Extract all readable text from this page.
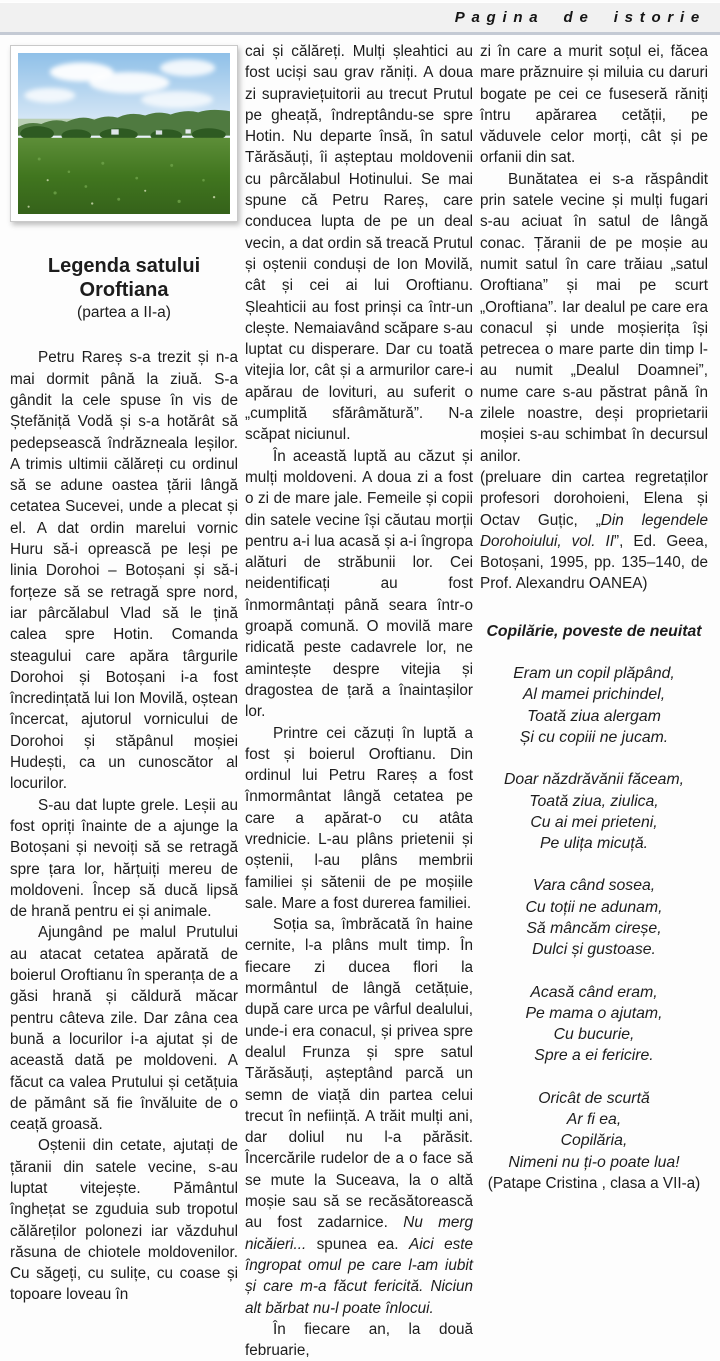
Pagina de istorie
Legenda satului Oroftiana
(partea a II-a)

Petru Rareș s-a trezit și n-a mai dormit până la ziuă. S-a gândit la cele spuse în vis de Ștefăniță Vodă și s-a hotărât să pedepsească îndrăzneala leșilor. A trimis ultimii călăreți cu ordinul să se adune oastea țării lângă cetatea Sucevei, unde a plecat și el. A dat ordin marelui vornic Huru să-i oprească pe leși pe linia Dorohoi – Botoșani și să-i forțeze să se retragă spre nord, iar pârcălabul Vlad să le țină calea spre Hotin. Comanda steagului care apăra târgurile Dorohoi și Botoșani i-a fost încredințată lui Ion Movilă, oștean încercat, ajutorul vornicului de Dorohoi și stăpânul moșiei Hudești, ca un cunoscător al locurilor.

S-au dat lupte grele. Leșii au fost opriți înainte de a ajunge la Botoșani și nevoiți să se retragă spre țara lor, hărțuiți mereu de moldoveni. Încep să ducă lipsă de hrană pentru ei și animale.

Ajungând pe malul Prutului au atacat cetatea apărată de boierul Oroftianu în speranța de a găsi hrană și căldură măcar pentru câteva zile. Dar zâna cea bună a locurilor i-a ajutat și de această dată pe moldoveni. A făcut ca valea Prutului și cetățuia de pământ să fie învăluite de o ceață groasă.

Oștenii din cetate, ajutați de țăranii din satele vecine, s-au luptat vitejește. Pământul înghețat se zguduia sub tropotul călăreților polonezi iar văzduhul răsuna de chiotele moldovenilor. Cu săgeți, cu sulițe, cu coase și topoare loveau în

cai și călăreți. Mulți șleahtici au fost uciși sau grav răniți. A doua zi supraviețuitorii au trecut Prutul pe gheață, îndreptându-se spre Hotin. Nu departe însă, în satul Tărăsăuți, îi așteptau moldovenii cu pârcălabul Hotinului. Se mai spune că Petru Rareș, care conducea lupta de pe un deal vecin, a dat ordin să treacă Prutul și oștenii conduși de Ion Movilă, cât și cei ai lui Oroftianu. Șleahticii au fost prinși ca într-un clește. Nemaiavând scăpare s-au luptat cu disperare. Dar cu toată vitejia lor, cât și a armurilor care-i apărau de lovituri, au suferit o „cumplită sfărâmătură”. N-a scăpat niciunul.

În această luptă au căzut și mulți moldoveni. A doua zi a fost o zi de mare jale. Femeile și copii din satele vecine își căutau morții pentru a-i lua acasă și a-i îngropa alături de străbunii lor. Cei neidentificați au fost înmormântați până seara într-o groapă comună. O movilă mare ridicată peste cadavrele lor, ne amintește despre vitejia și dragostea de țară a înaintașilor lor.

Printre cei căzuți în luptă a fost și boierul Oroftianu. Din ordinul lui Petru Rareș a fost înmormântat lângă cetatea pe care a apărat-o cu atâta vrednicie. L-au plâns prietenii și oștenii, l-au plâns membrii familiei și sătenii de pe moșiile sale. Mare a fost durerea familiei.

Soția sa, îmbrăcată în haine cernite, l-a plâns mult timp. În fiecare zi ducea flori la mormântul de lângă cetățuie, după care urca pe vârful dealului, unde-i era conacul, și privea spre dealul Frunza și spre satul Tărăsăuți, așteptând parcă un semn de viață din partea celui trecut în neființă. A trăit mulți ani, dar doliul nu l-a părăsit. Încercările rudelor de a o face să se mute la Suceava, la o altă moșie sau să se recăsătorească au fost zadarnice. Nu merg nicăieri... spunea ea. Aici este îngropat omul pe care l-am iubit și care m-a făcut fericită. Niciun alt bărbat nu-l poate înlocui.

În fiecare an, la două februarie,

zi în care a murit soțul ei, făcea mare prăznuire și miluia cu daruri bogate pe cei ce fuseseră răniți întru apărarea cetății, pe văduvele celor morți, cât și pe orfanii din sat.

Bunătatea ei s-a răspândit prin satele vecine și mulți fugari s-au aciuat în satul de lângă conac. Țăranii de pe moșie au numit satul în care trăiau „satul Oroftiana” și mai pe scurt „Oroftiana”. Iar dealul pe care era conacul și unde moșierița își petrecea o mare parte din timp l-au numit „Dealul Doamnei”, nume care s-au păstrat până în zilele noastre, deși proprietarii moșiei s-au schimbat în decursul anilor.

(preluare din cartea regretaților profesori dorohoieni, Elena și Octav Guțic, „Din legendele Dorohoiului, vol. II”, Ed. Geea, Botoșani, 1995, pp. 135–140, de Prof. Alexandru OANEA)

Copilărie, poveste de neuitat
Eram un copil plăpând,
Al mamei prichindel,
Toată ziua alergam
Și cu copiii ne jucam.
Doar năzdrăvănii făceam,
Toată ziua, ziulica,
Cu ai mei prieteni,
Pe ulița micuță.
Vara când sosea,
Cu toții ne adunam,
Să mâncăm cireșe,
Dulci și gustoase.
Acasă când eram,
Pe mama o ajutam,
Cu bucurie,
Spre a ei fericire.
Oricât de scurtă
Ar fi ea,
Copilăria,
Nimeni nu ți-o poate lua!
(Patape Cristina , clasa a VII-a)
